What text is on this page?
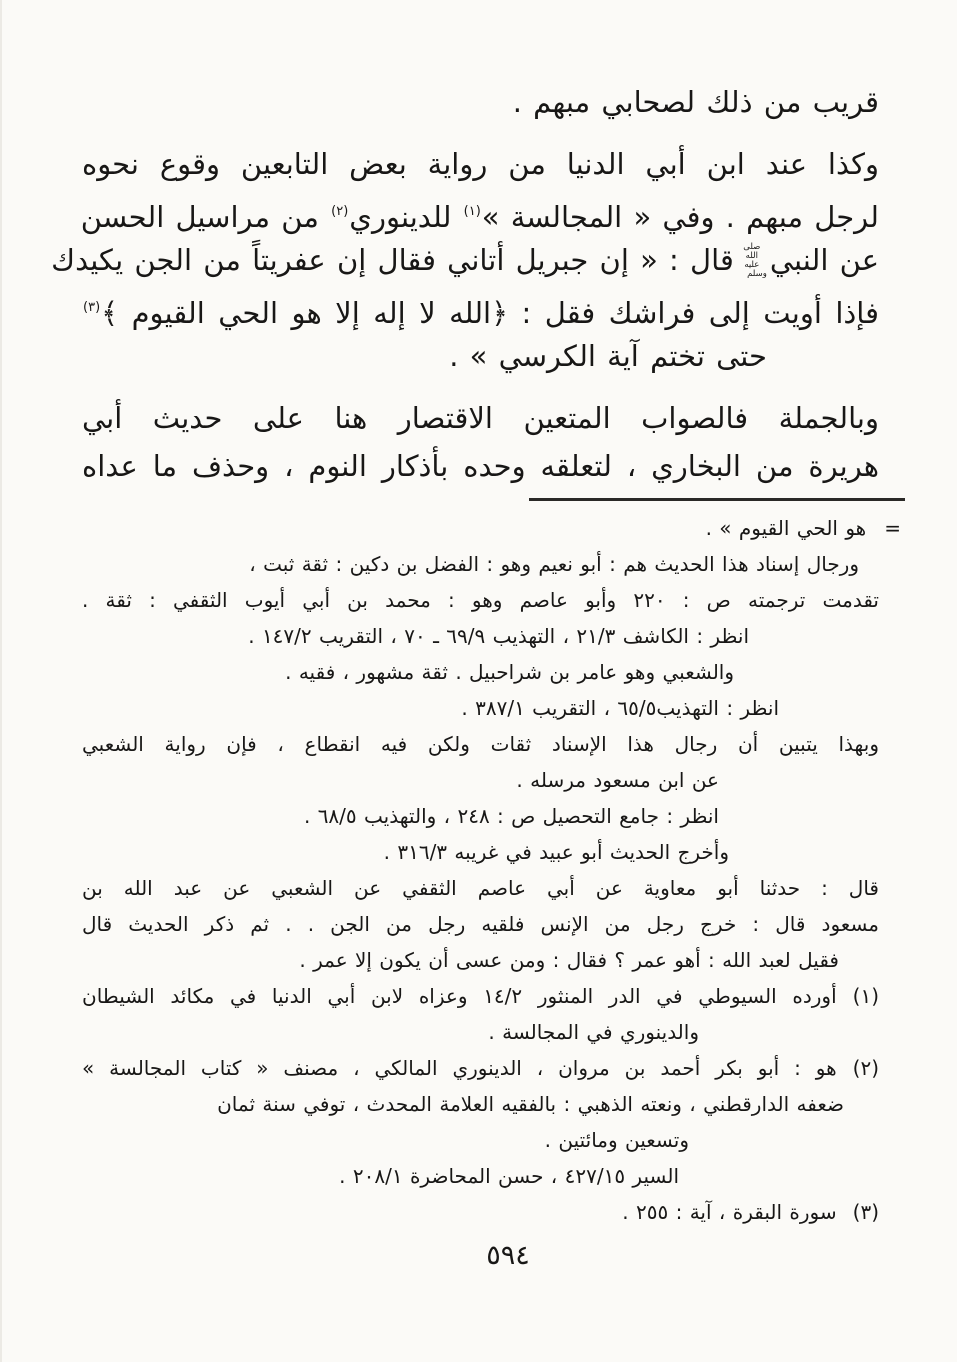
قريب من ذلك لصحابي مبهم .
وكذا عند ابن أبي الدنيا من رواية بعض التابعين وقوع نحوه
لرجل مبهم . وفي « المجالسة »$^{(١)}$ للدينوري$^{(٢)}$ من مراسيل الحسن
عن النبيصلى الله عليه وسلمقال : « إن جبريل أتاني فقال إن عفريتاً من الجن يكيدك
فإذا أويت إلى فراشك فقل : ﴿الله لا إله إلا هو الحي القيوم ﴾$^{(٣)}$
حتى تختم آية الكرسي » .
وبالجملة فالصواب المتعين الاقتصار هنا على حديث أبي
هريرة من البخاري ، لتعلقه وحده بأذكار النوم ، وحذف ما عداه
=هو الحي القيوم » .
ورجال إسناد هذا الحديث هم : أبو نعيم وهو : الفضل بن دكين : ثقة ثبت ،
تقدمت ترجمته ص : ٢٢٠ وأبو عاصم وهو : محمد بن أبي أيوب الثقفي : ثقة .
انظر : الكاشف ٢١/٣ ، التهذيب ٦٩/٩ ـ ٧٠ ، التقريب ١٤٧/٢ .
والشعبي وهو عامر بن شراحبيل . ثقة مشهور ، فقيه .
انظر : التهذيب٦٥/٥ ، التقريب ٣٨٧/١ .
وبهذا يتبين أن رجال هذا الإسناد ثقات ولكن فيه انقطاع ، فإن رواية الشعبي
عن ابن مسعود مرسله .
انظر : جامع التحصيل ص : ٢٤٨ ، والتهذيب ٦٨/٥ .
وأخرج الحديث أبو عبيد في غريبه ٣١٦/٣ .
قال : حدثنا أبو معاوية عن أبي عاصم الثقفي عن الشعبي عن عبد الله بن
مسعود قال : خرج رجل من الإنس فلقيه رجل من الجن . . ثم ذكر الحديث قال
فقيل لعبد الله : أهو عمر ؟ فقال : ومن عسى أن يكون إلا عمر .
(١)أورده السيوطي في الدر المنثور ١٤/٢ وعزاه لابن أبي الدنيا في مكائد الشيطان
والدينوري في المجالسة .
(٢)هو : أبو بكر أحمد بن مروان ، الدينوري المالكي ، مصنف « كتاب المجالسة »
ضعفه الدارقطني ، ونعته الذهبي : بالفقيه العلامة المحدث ، توفي سنة ثمان
وتسعين ومائتين .
السير ٤٢٧/١٥ ، حسن المحاضرة ٢٠٨/١ .
(٣)سورة البقرة ، آية : ٢٥٥ .
٥٩٤
